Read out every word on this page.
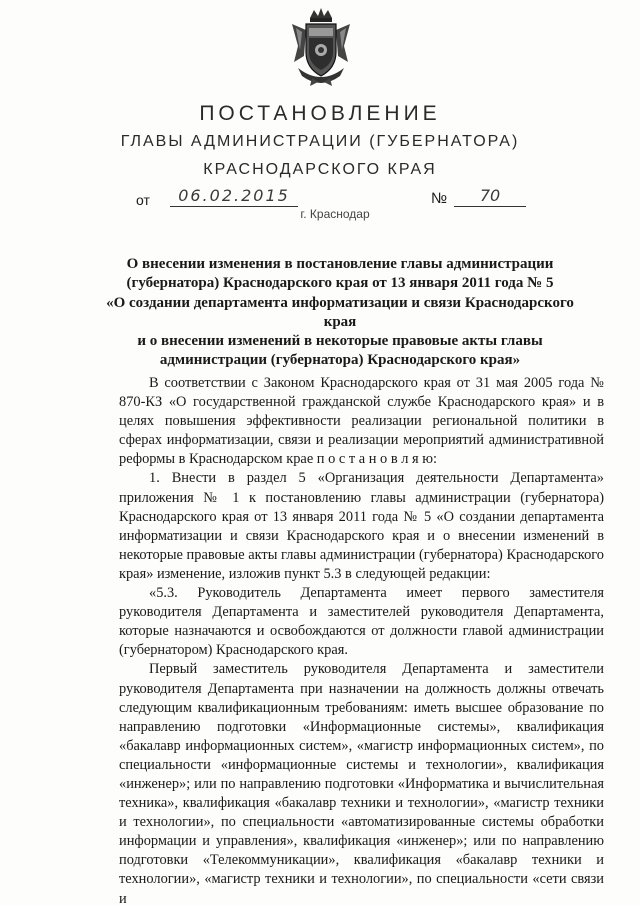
ПОСТАНОВЛЕНИЕ
ГЛАВЫ АДМИНИСТРАЦИИ (ГУБЕРНАТОРА)
КРАСНОДАРСКОГО КРАЯ
от	06.02.2015	№	70
г. Краснодар
О внесении изменения в постановление главы администрации
(губернатора) Краснодарского края от 13 января 2011 года № 5
«О создании департамента информатизации и связи Краснодарского края
и о внесении изменений в некоторые правовые акты главы
администрации (губернатора) Краснодарского края»

В соответствии с Законом Краснодарского края от 31 мая 2005 года № 870-КЗ «О государственной гражданской службе Краснодарского края» и в целях повышения эффективности реализации региональной политики в сферах информатизации, связи и реализации мероприятий административной реформы в Краснодарском крае п о с т а н о в л я ю:

1. Внести в раздел 5 «Организация деятельности Департамента» приложения № 1 к постановлению главы администрации (губернатора) Краснодарского края от 13 января 2011 года № 5 «О создании департамента информатизации и связи Краснодарского края и о внесении изменений в некоторые правовые акты главы администрации (губернатора) Краснодарского края» изменение, изложив пункт 5.3 в следующей редакции:

«5.3. Руководитель Департамента имеет первого заместителя руководителя Департамента и заместителей руководителя Департамента, которые назначаются и освобождаются от должности главой администрации (губернатором) Краснодарского края.

Первый заместитель руководителя Департамента и заместители руководителя Департамента при назначении на должность должны отвечать следующим квалификационным требованиям: иметь высшее образование по направлению подготовки «Информационные системы», квалификация «бакалавр информационных систем», «магистр информационных систем», по специальности «информационные системы и технологии», квалификация «инженер»; или по направлению подготовки «Информатика и вычислительная техника», квалификация «бакалавр техники и технологии», «магистр техники и технологии», по специальности «автоматизированные системы обработки информации и управления», квалификация «инженер»; или по направлению подготовки «Телекоммуникации», квалификация «бакалавр техники и технологии», «магистр техники и технологии», по специальности «сети связи и
